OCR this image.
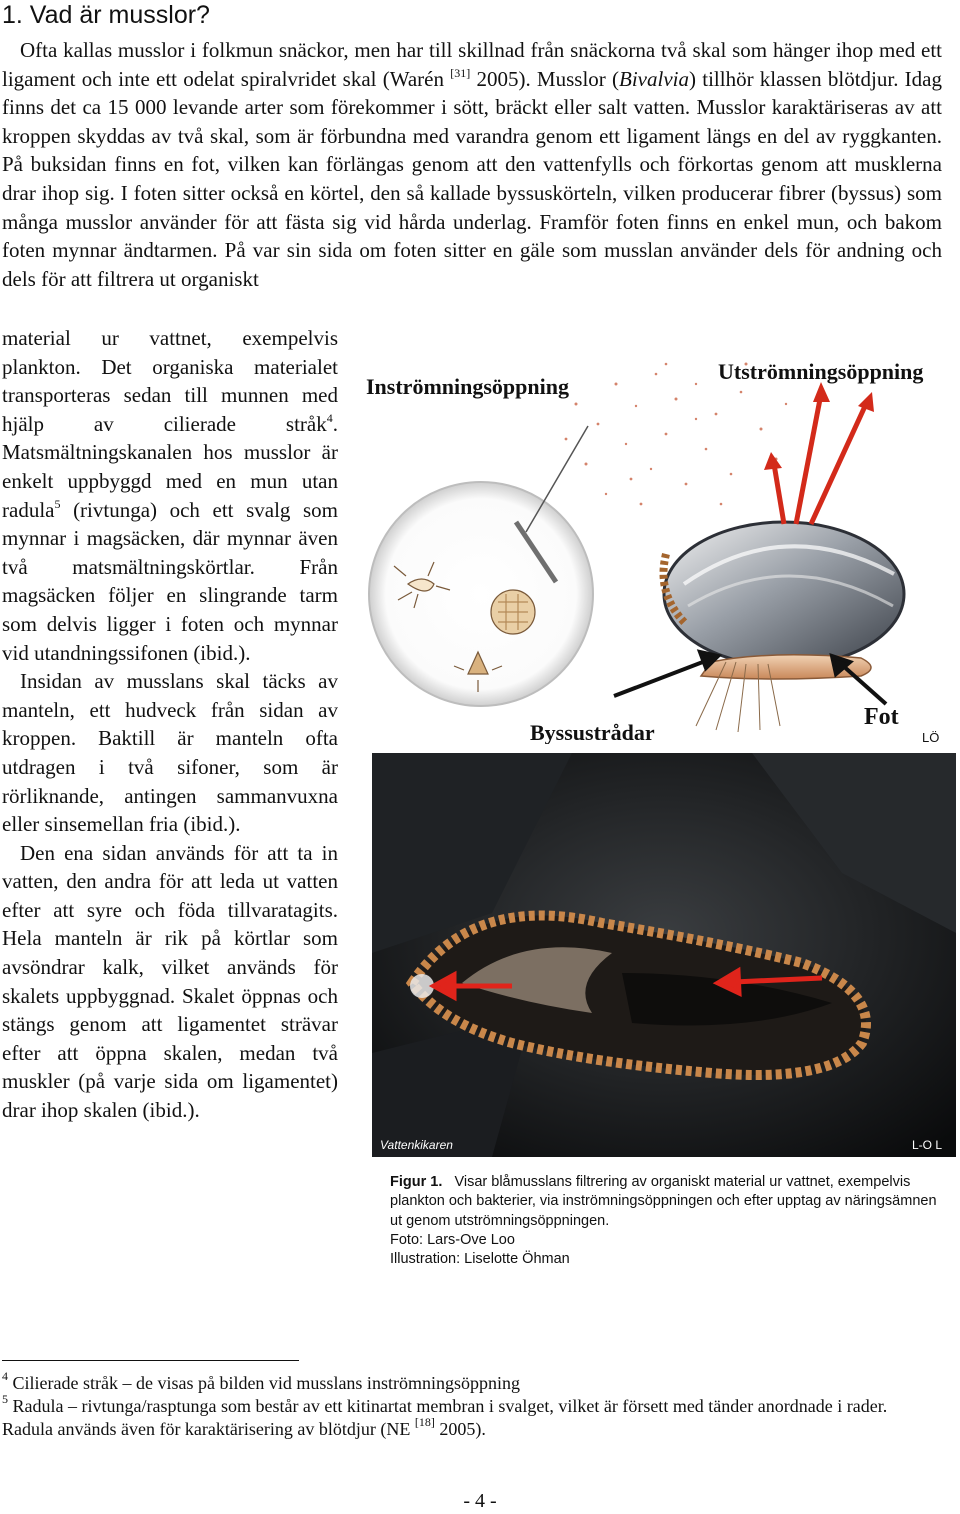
1. Vad är musslor?

Ofta kallas musslor i folkmun snäckor, men har till skillnad från snäckorna två skal som hänger ihop med ett ligament och inte ett odelat spiralvridet skal (Warén [31] 2005). Musslor (Bivalvia) tillhör klassen blötdjur. Idag finns det ca 15 000 levande arter som förekommer i sött, bräckt eller salt vatten. Musslor karaktäriseras av att kroppen skyddas av två skal, som är förbundna med varandra genom ett ligament längs en del av ryggkanten. På buksidan finns en fot, vilken kan förlängas genom att den vattenfylls och förkortas genom att musklerna drar ihop sig. I foten sitter också en körtel, den så kallade byssuskörteln, vilken producerar fibrer (byssus) som många musslor använder för att fästa sig vid hårda underlag. Framför foten finns en enkel mun, och bakom foten mynnar ändtarmen. På var sin sida om foten sitter en gäle som musslan använder dels för andning och dels för att filtrera ut organiskt

material ur vattnet, exempelvis plankton. Det organiska materialet transporteras sedan till munnen med hjälp av cilierade stråk$^4$. Matsmältningskanalen hos musslor är enkelt uppbyggd med en mun utan radula$^5$ (rivtunga) och ett svalg som mynnar i magsäcken, där mynnar även två matsmältningskörtlar. Från magsäcken följer en slingrande tarm som delvis ligger i foten och mynnar vid utandningssifonen (ibid.).

Insidan av musslans skal täcks av manteln, ett hudveck från sidan av kroppen. Baktill är manteln ofta utdragen i två sifoner, som är rörliknande, antingen sammanvuxna eller sinsemellan fria (ibid.).

Den ena sidan används för att ta in vatten, den andra för att leda ut vatten efter att syre och föda tillvaratagits. Hela manteln är rik på körtlar som avsöndrar kalk, vilket används för skalets uppbyggnad. Skalet öppnas och stängs genom att ligamentet strävar efter att öppna skalen, medan två muskler (på varje sida om ligamentet) drar ihop skalen (ibid.).

Inströmningsöppning
Utströmningsöppning
Byssustrådar
Fot
LÖ
Vattenkikaren	L-O L
Figur 1. Visar blåmusslans filtrering av organiskt material ur vattnet, exempelvis plankton och bakterier, via inströmningsöppningen och efter upptag av näringsämnen ut genom utströmningsöppningen.
Foto: Lars-Ove Loo
Illustration: Liselotte Öhman

$^4$ Cilierade stråk – de visas på bilden vid musslans inströmningsöppning

$^5$ Radula – rivtunga/rasptunga som består av ett kitinartat membran i svalget, vilket är försett med tänder anordnade i rader. Radula används även för karaktärisering av blötdjur (NE [18] 2005).

- 4 -
